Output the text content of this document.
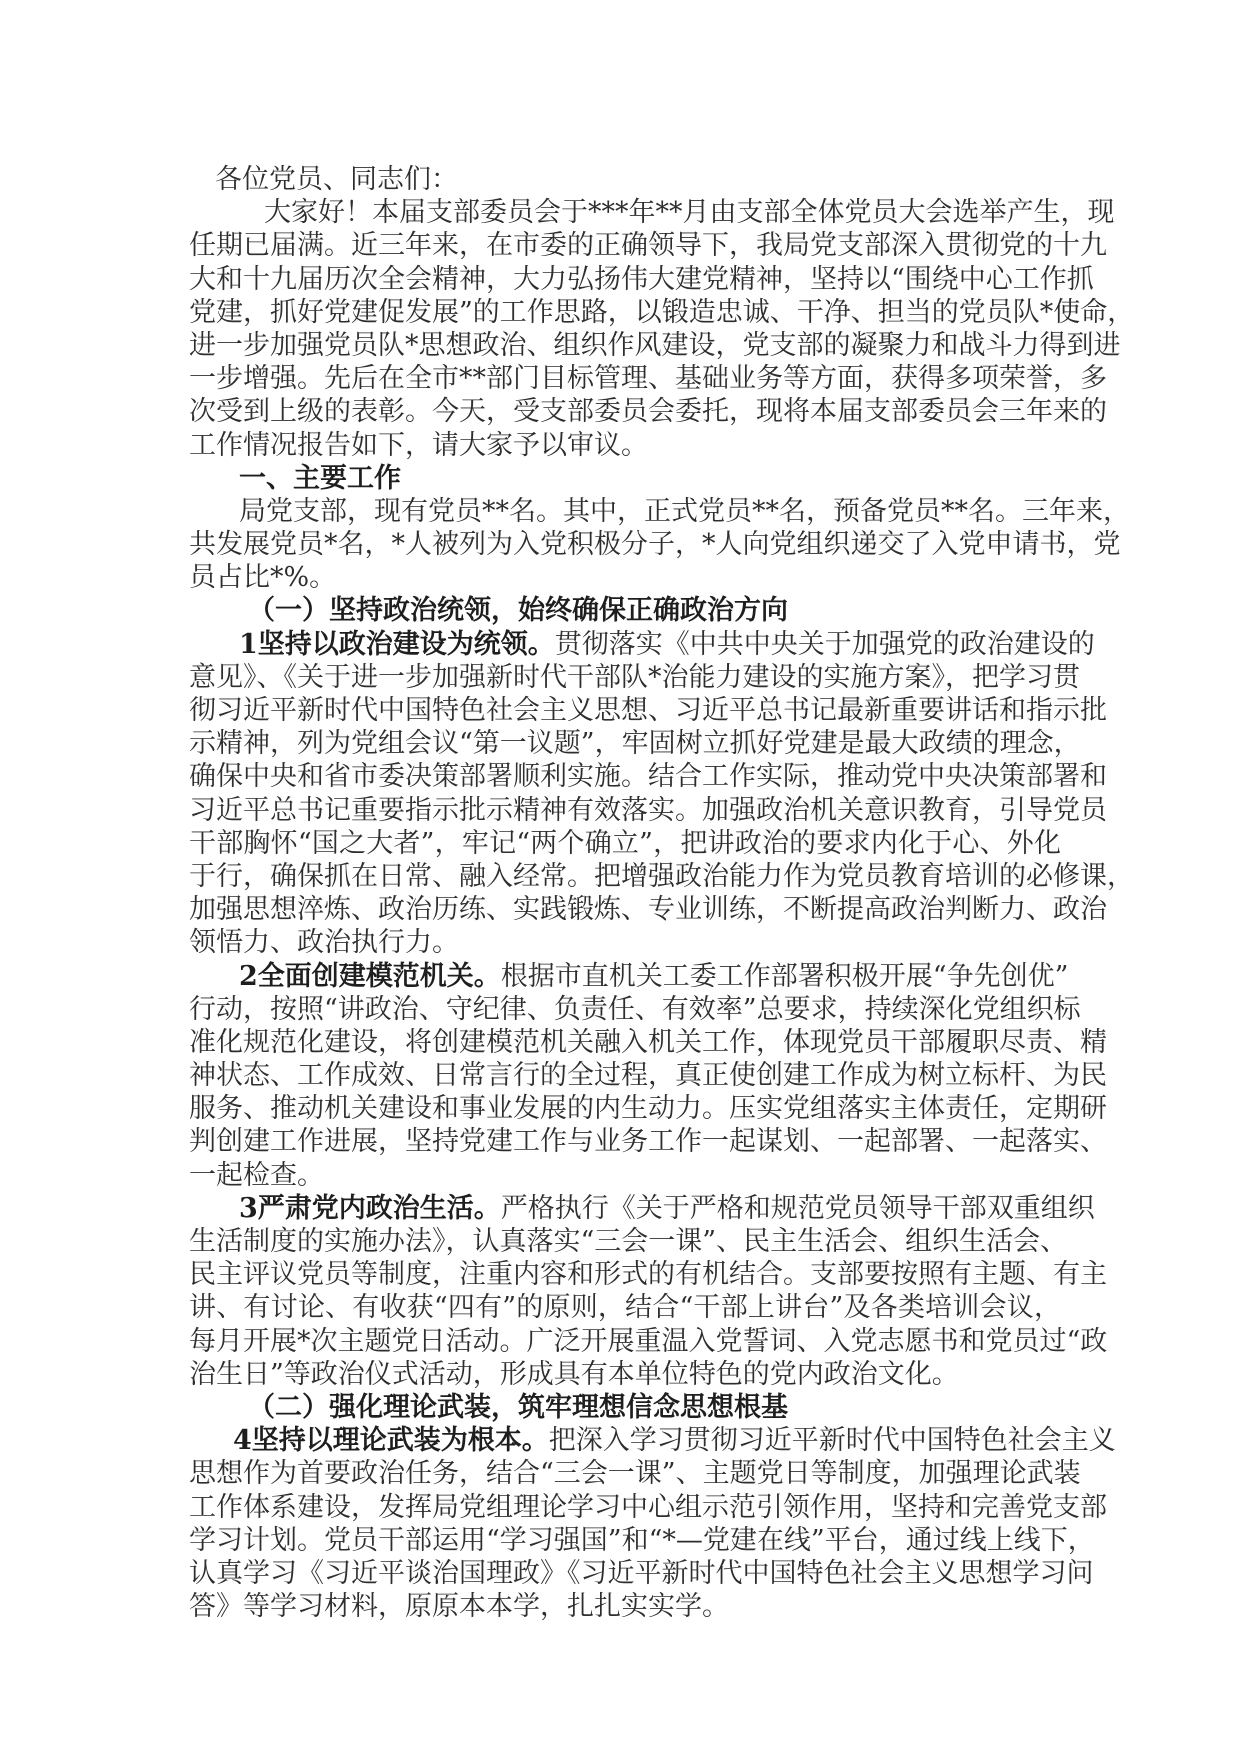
各位党员、同志们：
大家好！本届支部委员会于***年**月由支部全体党员大会选举产生，现
任期已届满。近三年来，在市委的正确领导下，我局党支部深入贯彻党的十九
大和十九届历次全会精神，大力弘扬伟大建党精神，坚持以“围绕中心工作抓
党建，抓好党建促发展”的工作思路，以锻造忠诚、干净、担当的党员队*使命，
进一步加强党员队*思想政治、组织作风建设，党支部的凝聚力和战斗力得到进
一步增强。先后在全市**部门目标管理、基础业务等方面，获得多项荣誉，多
次受到上级的表彰。今天，受支部委员会委托，现将本届支部委员会三年来的
工作情况报告如下，请大家予以审议。
一、主要工作
局党支部，现有党员**名。其中，正式党员**名，预备党员**名。三年来，
共发展党员*名，*人被列为入党积极分子，*人向党组织递交了入党申请书，党
员占比*%。
（一）坚持政治统领，始终确保正确政治方向
1坚持以政治建设为统领。贯彻落实《中共中央关于加强党的政治建设的
意见》、《关于进一步加强新时代干部队*治能力建设的实施方案》，把学习贯
彻习近平新时代中国特色社会主义思想、习近平总书记最新重要讲话和指示批
示精神，列为党组会议“第一议题”，牢固树立抓好党建是最大政绩的理念，
确保中央和省市委决策部署顺利实施。结合工作实际，推动党中央决策部署和
习近平总书记重要指示批示精神有效落实。加强政治机关意识教育，引导党员
干部胸怀“国之大者”，牢记“两个确立”，把讲政治的要求内化于心、外化
于行，确保抓在日常、融入经常。把增强政治能力作为党员教育培训的必修课，
加强思想淬炼、政治历练、实践锻炼、专业训练，不断提高政治判断力、政治
领悟力、政治执行力。
2全面创建模范机关。根据市直机关工委工作部署积极开展“争先创优”
行动，按照“讲政治、守纪律、负责任、有效率”总要求，持续深化党组织标
准化规范化建设，将创建模范机关融入机关工作，体现党员干部履职尽责、精
神状态、工作成效、日常言行的全过程，真正使创建工作成为树立标杆、为民
服务、推动机关建设和事业发展的内生动力。压实党组落实主体责任，定期研
判创建工作进展，坚持党建工作与业务工作一起谋划、一起部署、一起落实、
一起检查。
3严肃党内政治生活。严格执行《关于严格和规范党员领导干部双重组织
生活制度的实施办法》，认真落实“三会一课”、民主生活会、组织生活会、
民主评议党员等制度，注重内容和形式的有机结合。支部要按照有主题、有主
讲、有讨论、有收获“四有”的原则，结合“干部上讲台”及各类培训会议，
每月开展*次主题党日活动。广泛开展重温入党誓词、入党志愿书和党员过“政
治生日”等政治仪式活动，形成具有本单位特色的党内政治文化。
（二）强化理论武装，筑牢理想信念思想根基
4坚持以理论武装为根本。把深入学习贯彻习近平新时代中国特色社会主义
思想作为首要政治任务，结合“三会一课”、主题党日等制度，加强理论武装
工作体系建设，发挥局党组理论学习中心组示范引领作用，坚持和完善党支部
学习计划。党员干部运用“学习强国”和“*—党建在线”平台，通过线上线下，
认真学习《习近平谈治国理政》《习近平新时代中国特色社会主义思想学习问
答》等学习材料，原原本本学，扎扎实实学。
